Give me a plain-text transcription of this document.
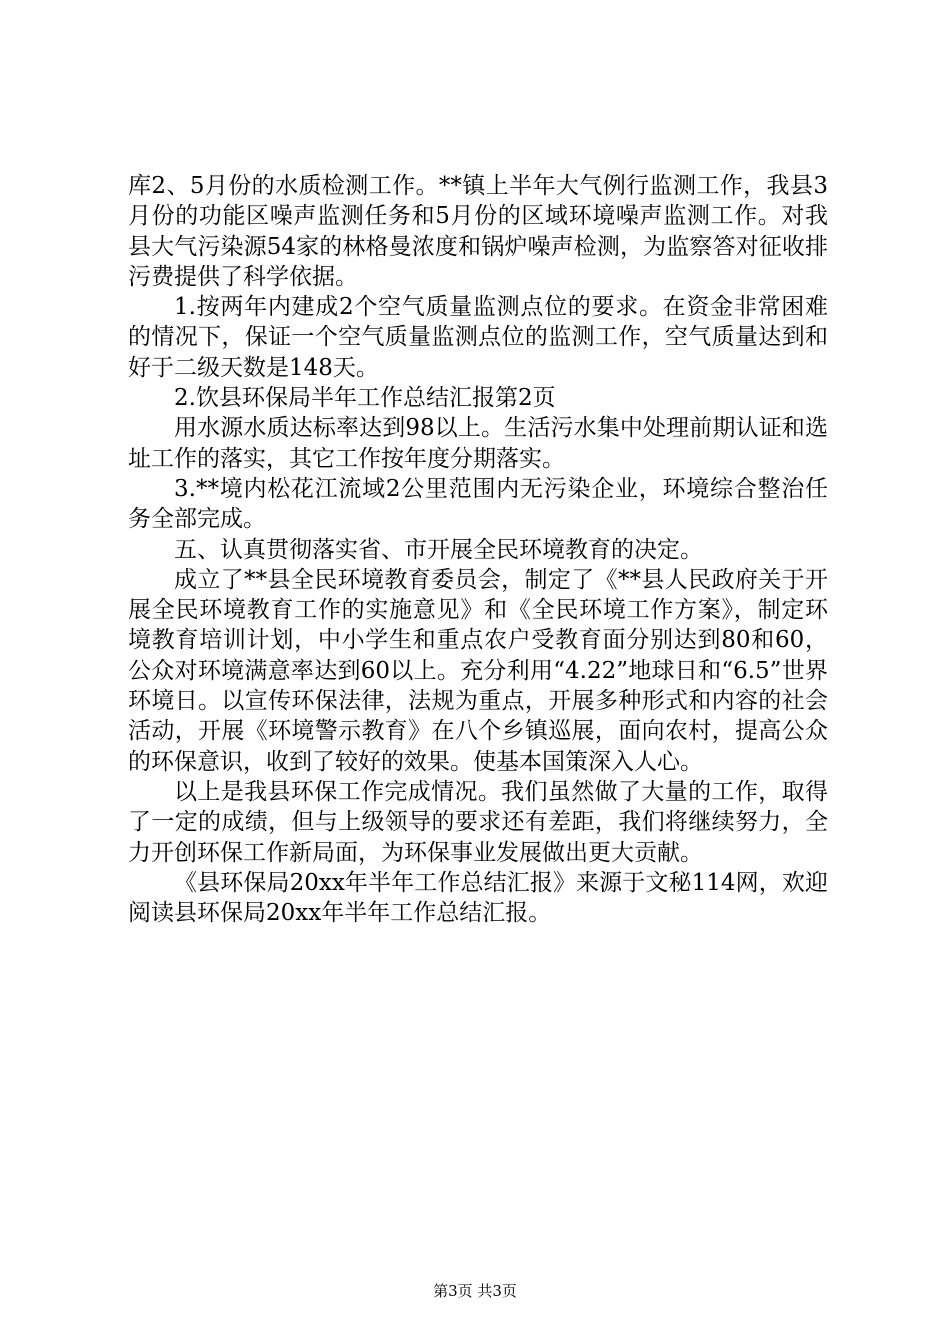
库2、5月份的水质检测工作。**镇上半年大气例行监测工作，我县3月份的功能区噪声监测任务和5月份的区域环境噪声监测工作。对我县大气污染源54家的林格曼浓度和锅炉噪声检测，为监察答对征收排污费提供了科学依据。

1.按两年内建成2个空气质量监测点位的要求。在资金非常困难的情况下，保证一个空气质量监测点位的监测工作，空气质量达到和好于二级天数是148天。

2.饮县环保局半年工作总结汇报第2页

用水源水质达标率达到98以上。生活污水集中处理前期认证和选址工作的落实，其它工作按年度分期落实。

3.**境内松花江流域2公里范围内无污染企业，环境综合整治任务全部完成。

五、认真贯彻落实省、市开展全民环境教育的决定。

成立了**县全民环境教育委员会，制定了《**县人民政府关于开展全民环境教育工作的实施意见》和《全民环境工作方案》，制定环境教育培训计划，中小学生和重点农户受教育面分别达到80和60，公众对环境满意率达到60以上。充分利用“4.22”地球日和“6.5”世界环境日。以宣传环保法律，法规为重点，开展多种形式和内容的社会活动，开展《环境警示教育》在八个乡镇巡展，面向农村，提高公众的环保意识，收到了较好的效果。使基本国策深入人心。

以上是我县环保工作完成情况。我们虽然做了大量的工作，取得了一定的成绩，但与上级领导的要求还有差距，我们将继续努力，全力开创环保工作新局面，为环保事业发展做出更大贡献。

《县环保局20xx年半年工作总结汇报》来源于文秘114网，欢迎阅读县环保局20xx年半年工作总结汇报。

第3页 共3页
